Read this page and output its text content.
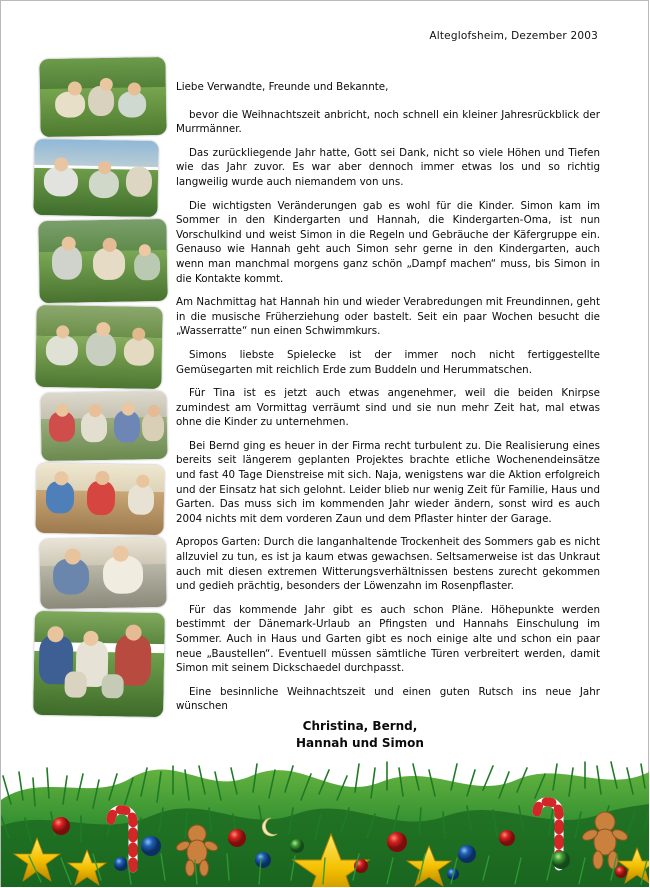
Alteglofsheim, Dezember 2003

Liebe Verwandte, Freunde und Bekannte,

bevor die Weihnachtszeit anbricht, noch schnell ein kleiner Jahresrückblick der Murrmänner.

Das zurückliegende Jahr hatte, Gott sei Dank, nicht so viele Höhen und Tiefen wie das Jahr zuvor. Es war aber dennoch immer etwas los und so richtig langweilig wurde auch niemandem von uns.

Die wichtigsten Veränderungen gab es wohl für die Kinder. Simon kam im Sommer in den Kindergarten und Hannah, die Kindergarten-Oma, ist nun Vorschulkind und weist Simon in die Regeln und Gebräuche der Käfergruppe ein. Genauso wie Hannah geht auch Simon sehr gerne in den Kindergarten, auch wenn man manchmal morgens ganz schön „Dampf machen“ muss, bis Simon in die Kontakte kommt.

Am Nachmittag hat Hannah hin und wieder Verabredungen mit Freundinnen, geht in die musische Früherziehung oder bastelt. Seit ein paar Wochen besucht die „Wasserratte“ nun einen Schwimmkurs.

Simons liebste Spielecke ist der immer noch nicht fertiggestellte Gemüsegarten mit reichlich Erde zum Buddeln und Herummatschen.

Für Tina ist es jetzt auch etwas angenehmer, weil die beiden Knirpse zumindest am Vormittag verräumt sind und sie nun mehr Zeit hat, mal etwas ohne die Kinder zu unternehmen.

Bei Bernd ging es heuer in der Firma recht turbulent zu. Die Realisierung eines bereits seit längerem geplanten Projektes brachte etliche Wochenendeinsätze und fast 40 Tage Dienstreise mit sich. Naja, wenigstens war die Aktion erfolgreich und der Einsatz hat sich gelohnt. Leider blieb nur wenig Zeit für Familie, Haus und Garten. Das muss sich im kommenden Jahr wieder ändern, sonst wird es auch 2004 nichts mit dem vorderen Zaun und dem Pflaster hinter der Garage.

Apropos Garten: Durch die langanhaltende Trockenheit des Sommers gab es nicht allzuviel zu tun, es ist ja kaum etwas gewachsen. Seltsamerweise ist das Unkraut auch mit diesen extremen Witterungsverhältnissen bestens zurecht gekommen und gedieh prächtig, besonders der Löwenzahn im Rosenpflaster.

Für das kommende Jahr gibt es auch schon Pläne. Höhepunkte werden bestimmt der Dänemark-Urlaub an Pfingsten und Hannahs Einschulung im Sommer. Auch in Haus und Garten gibt es noch einige alte und schon ein paar neue „Baustellen“. Eventuell müssen sämtliche Türen verbreitert werden, damit Simon mit seinem Dickschaedel durchpasst.

Eine besinnliche Weihnachtszeit und einen guten Rutsch ins neue Jahr wünschen

Christina, Bernd,
Hannah und Simon
